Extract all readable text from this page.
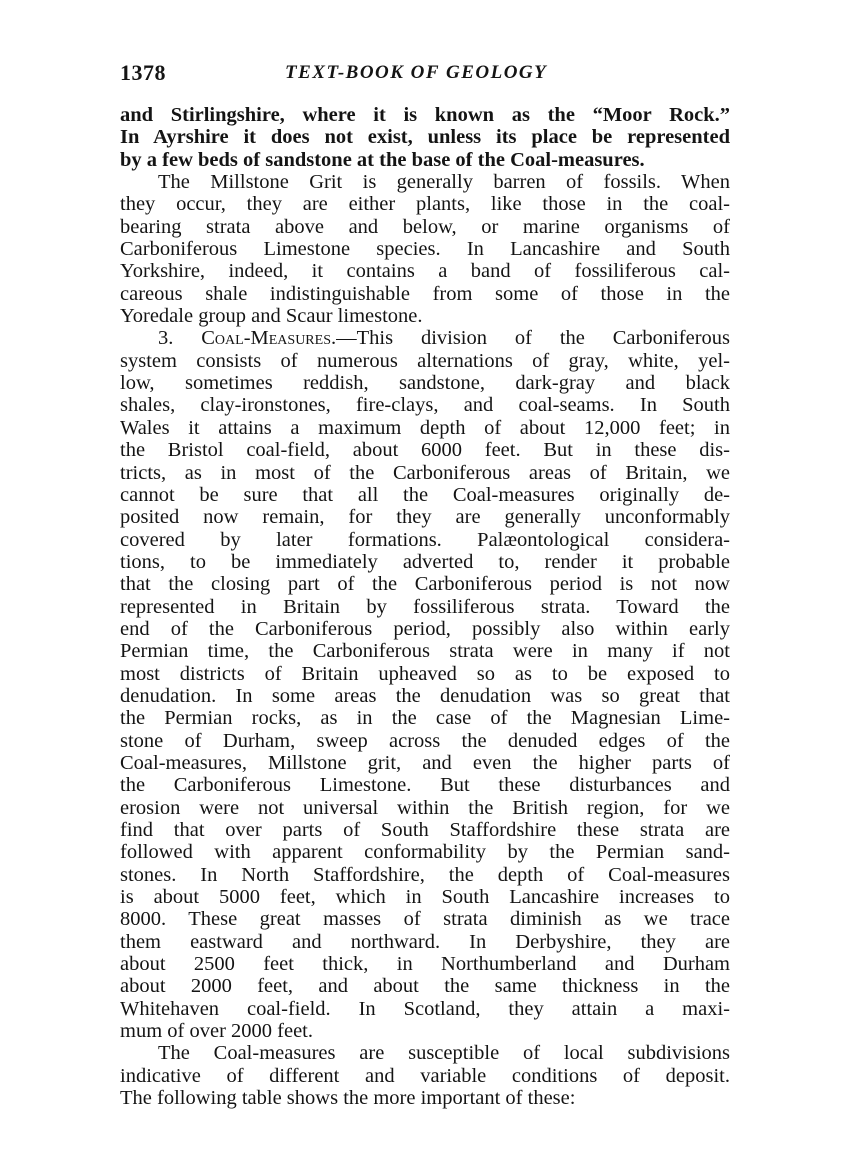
1378	TEXT-BOOK OF GEOLOGY
and Stirlingshire, where it is known as the “Moor Rock.”
In Ayrshire it does not exist, unless its place be represented
by a few beds of sandstone at the base of the Coal-measures.
The Millstone Grit is generally barren of fossils. When
they occur, they are either plants, like those in the coal-
bearing strata above and below, or marine organisms of
Carboniferous Limestone species. In Lancashire and South
Yorkshire, indeed, it contains a band of fossiliferous cal-
careous shale indistinguishable from some of those in the
Yoredale group and Scaur limestone.
3. Coal-Measures.—This division of the Carboniferous
system consists of numerous alternations of gray, white, yel-
low, sometimes reddish, sandstone, dark-gray and black
shales, clay-ironstones, fire-clays, and coal-seams. In South
Wales it attains a maximum depth of about 12,000 feet; in
the Bristol coal-field, about 6000 feet. But in these dis-
tricts, as in most of the Carboniferous areas of Britain, we
cannot be sure that all the Coal-measures originally de-
posited now remain, for they are generally unconformably
covered by later formations. Palæontological considera-
tions, to be immediately adverted to, render it probable
that the closing part of the Carboniferous period is not now
represented in Britain by fossiliferous strata. Toward the
end of the Carboniferous period, possibly also within early
Permian time, the Carboniferous strata were in many if not
most districts of Britain upheaved so as to be exposed to
denudation. In some areas the denudation was so great that
the Permian rocks, as in the case of the Magnesian Lime-
stone of Durham, sweep across the denuded edges of the
Coal-measures, Millstone grit, and even the higher parts of
the Carboniferous Limestone. But these disturbances and
erosion were not universal within the British region, for we
find that over parts of South Staffordshire these strata are
followed with apparent conformability by the Permian sand-
stones. In North Staffordshire, the depth of Coal-measures
is about 5000 feet, which in South Lancashire increases to
8000. These great masses of strata diminish as we trace
them eastward and northward. In Derbyshire, they are
about 2500 feet thick, in Northumberland and Durham
about 2000 feet, and about the same thickness in the
Whitehaven coal-field. In Scotland, they attain a maxi-
mum of over 2000 feet.
The Coal-measures are susceptible of local subdivisions
indicative of different and variable conditions of deposit.
The following table shows the more important of these:
